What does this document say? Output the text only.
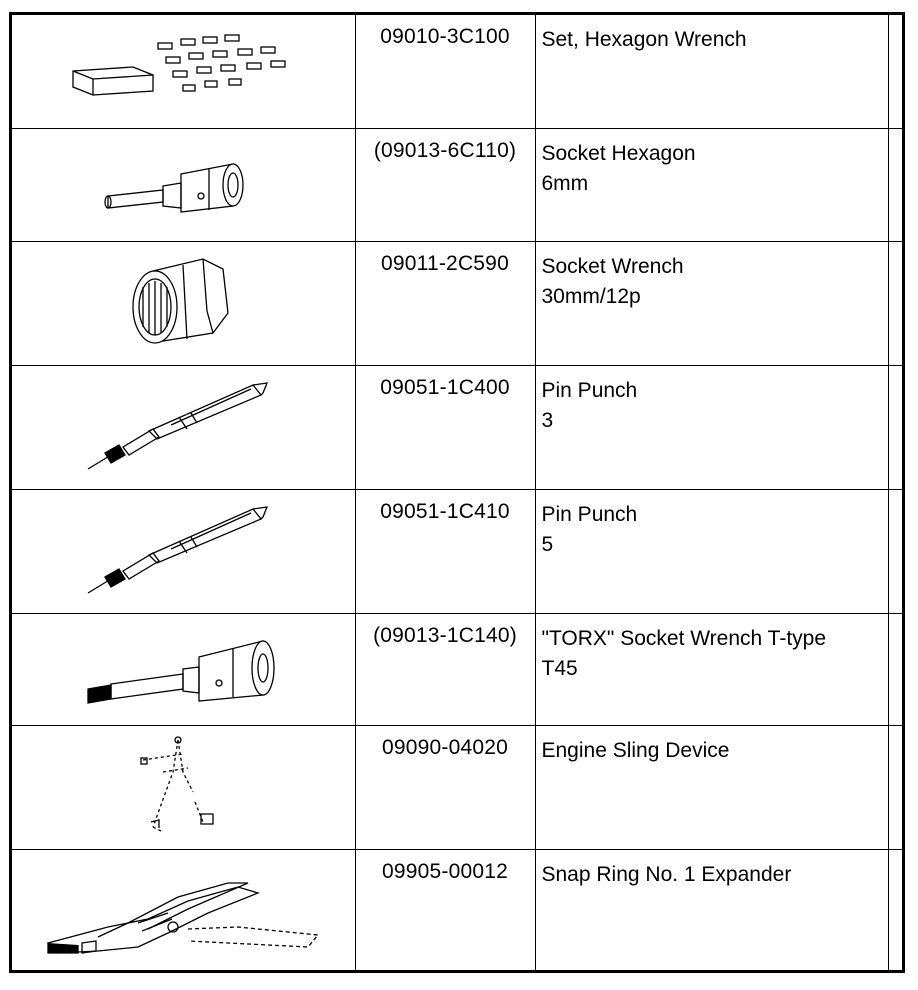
	09010-3C100	Set, Hexagon Wrench	

	(09013-6C110)	Socket Hexagon
6mm	

	09011-2C590	Socket Wrench
30mm/12p	

	09051-1C400	Pin Punch
3	

	09051-1C410	Pin Punch
5	

	(09013-1C140)	"TORX" Socket Wrench T-type
T45	

	09090-04020	Engine Sling Device	

	09905-00012	Snap Ring No. 1 Expander	
